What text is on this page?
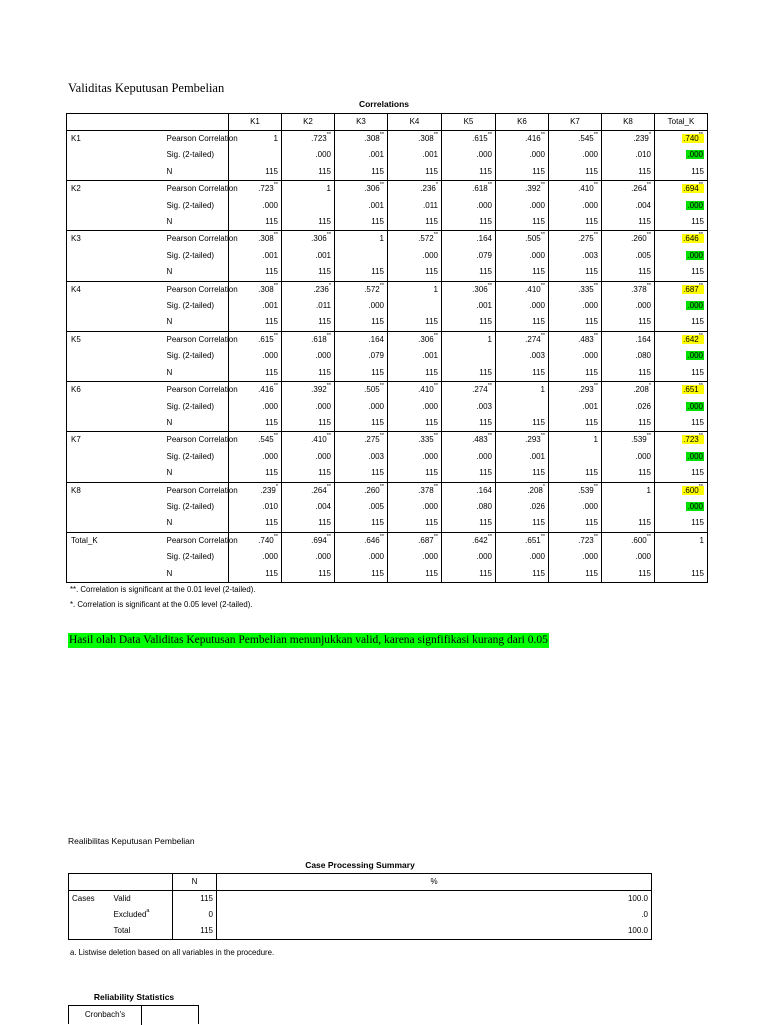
Validitas Keputusan Pembelian
Correlations
		K1	K2	K3	K4	K5	K6	K7	K8	Total_K
K1	Pearson Correlation	1	.723**	.308**	.308**	.615**	.416**	.545**	.239*	.740**
	Sig. (2-tailed)		.000	.001	.001	.000	.000	.000	.010	.000
	N	115	115	115	115	115	115	115	115	115
K2	Pearson Correlation	.723**	1	.306**	.236*	.618**	.392**	.410**	.264**	.694**
	Sig. (2-tailed)	.000		.001	.011	.000	.000	.000	.004	.000
	N	115	115	115	115	115	115	115	115	115
K3	Pearson Correlation	.308**	.306**	1	.572**	.164	.505**	.275**	.260**	.646**
	Sig. (2-tailed)	.001	.001		.000	.079	.000	.003	.005	.000
	N	115	115	115	115	115	115	115	115	115
K4	Pearson Correlation	.308**	.236*	.572**	1	.306**	.410**	.335**	.378**	.687**
	Sig. (2-tailed)	.001	.011	.000		.001	.000	.000	.000	.000
	N	115	115	115	115	115	115	115	115	115
K5	Pearson Correlation	.615**	.618**	.164	.306**	1	.274**	.483**	.164	.642**
	Sig. (2-tailed)	.000	.000	.079	.001		.003	.000	.080	.000
	N	115	115	115	115	115	115	115	115	115
K6	Pearson Correlation	.416**	.392**	.505**	.410**	.274**	1	.293**	.208*	.651**
	Sig. (2-tailed)	.000	.000	.000	.000	.003		.001	.026	.000
	N	115	115	115	115	115	115	115	115	115
K7	Pearson Correlation	.545**	.410**	.275**	.335**	.483**	.293**	1	.539**	.723**
	Sig. (2-tailed)	.000	.000	.003	.000	.000	.001		.000	.000
	N	115	115	115	115	115	115	115	115	115
K8	Pearson Correlation	.239*	.264**	.260**	.378**	.164	.208*	.539**	1	.600**
	Sig. (2-tailed)	.010	.004	.005	.000	.080	.026	.000		.000
	N	115	115	115	115	115	115	115	115	115
Total_K	Pearson Correlation	.740**	.694**	.646**	.687**	.642**	.651**	.723**	.600**	1
	Sig. (2-tailed)	.000	.000	.000	.000	.000	.000	.000	.000	
	N	115	115	115	115	115	115	115	115	115
**. Correlation is significant at the 0.01 level (2-tailed).
*. Correlation is significant at the 0.05 level (2-tailed).
Hasil olah Data Validitas Keputusan Pembelian menunjukkan valid, karena signfifikasi kurang dari 0.05
Realibilitas Keputusan Pembelian
Case Processing Summary
		N	%
Cases	Valid	115	100.0
	Excluded$^a$	0	.0
	Total	115	100.0
a. Listwise deletion based on all variables in the procedure.
Reliability Statistics
Cronbach's
